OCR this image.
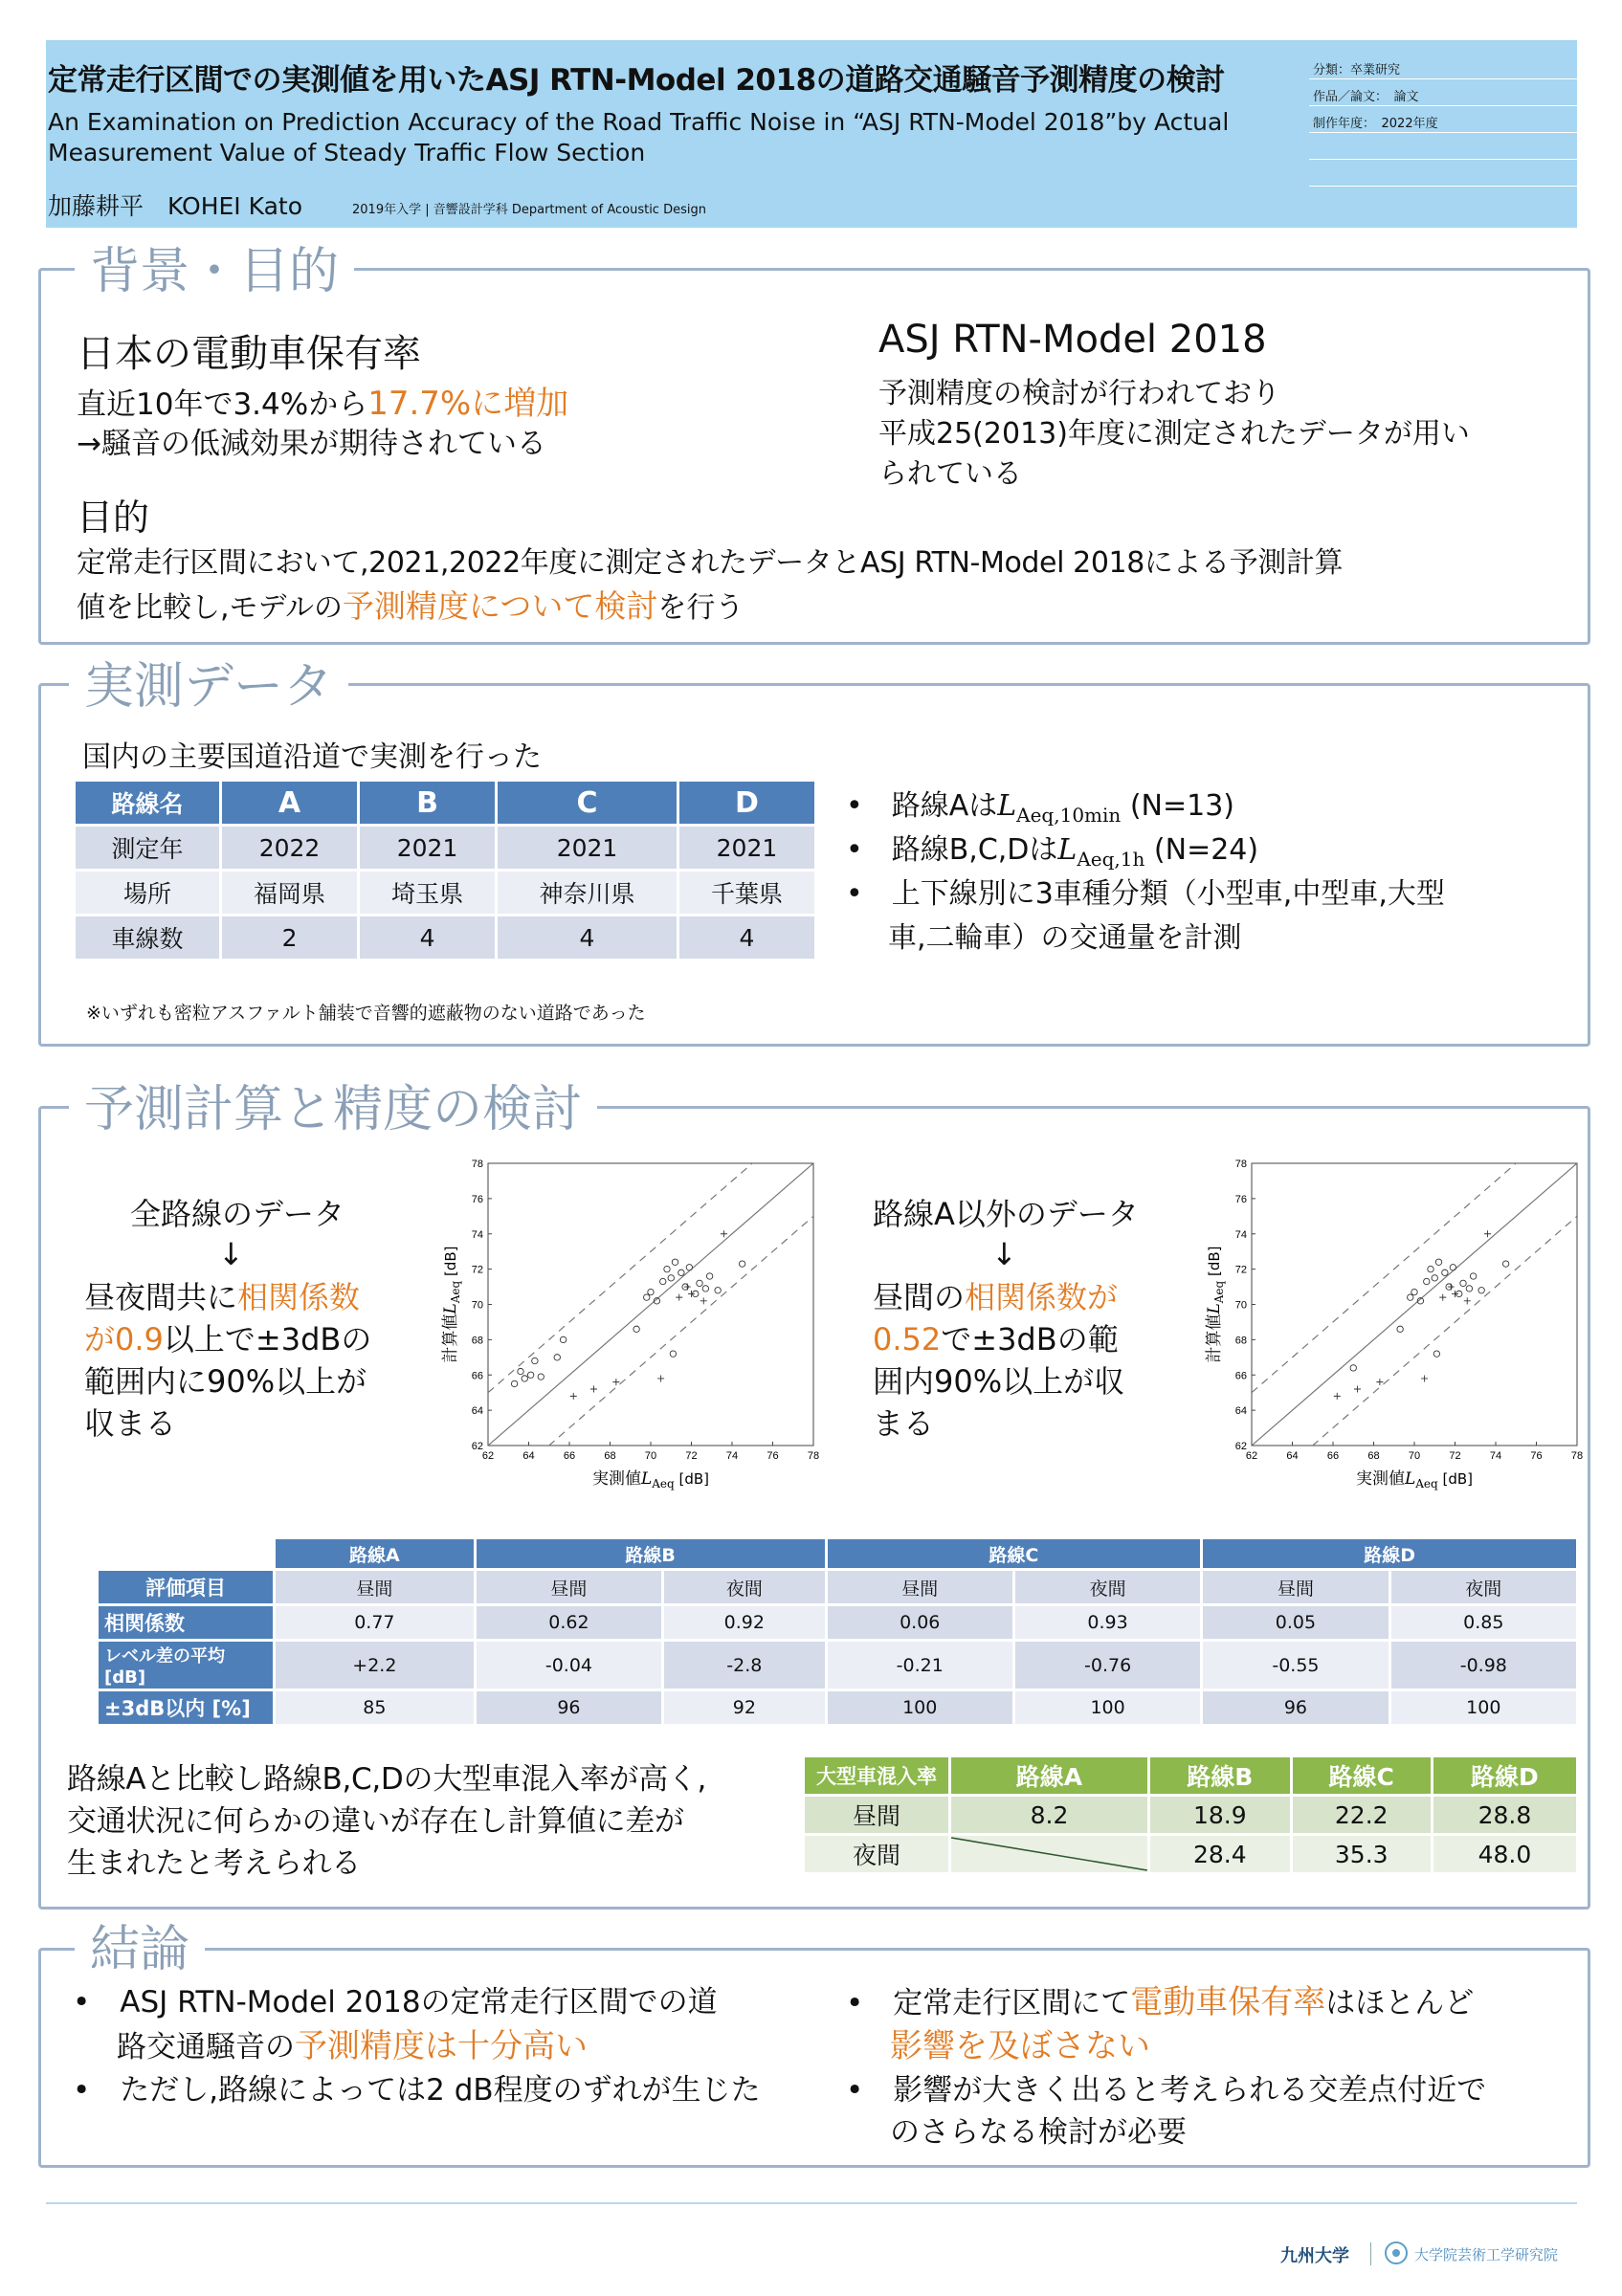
定常走行区間での実測値を用いたASJ RTN-Model 2018の道路交通騒音予測精度の検討
An Examination on Prediction Accuracy of the Road Traffic Noise in “ASJ RTN-Model 2018”by Actual Measurement Value of Steady Traffic Flow Section
加藤耕平　KOHEI Kato	2019年入学 | 音響設計学科 Department of Acoustic Design
分類：卒業研究
作品／論文：　論文
制作年度：　2022年度
背景・目的
日本の電動車保有率
直近10年で3.4%から17.7%に増加
→騒音の低減効果が期待されている
ASJ RTN-Model 2018
予測精度の検討が行われており
平成25(2013)年度に測定されたデータが用い
られている
目的
定常走行区間において,2021,2022年度に測定されたデータとASJ RTN-Model 2018による予測計算
値を比較し,モデルの予測精度について検討を行う
実測データ
国内の主要国道沿道で実測を行った
路線名	A	B	C	D
測定年	2022	2021	2021	2021
場所	福岡県	埼玉県	神奈川県	千葉県
車線数	2	4	4	4
※いずれも密粒アスファルト舗装で音響的遮蔽物のない道路であった
•　 路線Aは$L_{Aeq,10min}$ (N=13)
•　 路線B,C,Dは$L_{Aeq,1h}$ (N=24)
•　 上下線別に3車種分類（小型車,中型車,大型
車,二輪車）の交通量を計測
予測計算と精度の検討
全路線のデータ
↓
昼夜間共に相関係数
が0.9以上で±3dBの
範囲内に90%以上が
収まる
路線A以外のデータ
↓
昼間の相関係数が
0.52で±3dBの範
囲内90%以上が収
まる
62
62
64
64
66
66
68
68
70
70
72
72
74
74
76
76
78
78
実測値$L_{Aeq}$ [dB]
計算値$L_{Aeq}$ [dB]
62
62
64
64
66
66
68
68
70
70
72
72
74
74
76
76
78
78
実測値$L_{Aeq}$ [dB]
計算値$L_{Aeq}$ [dB]
	路線A	路線B		路線C		路線D	
評価項目	昼間	昼間	夜間	昼間	夜間	昼間	夜間
相関係数	0.77	0.62	0.92	0.06	0.93	0.05	0.85
レベル差の平均 [dB]	+2.2	-0.04	-2.8	-0.21	-0.76	-0.55	-0.98
±3dB以内 [%]	85	96	92	100	100	96	100
路線Aと比較し路線B,C,Dの大型車混入率が高く,
交通状況に何らかの違いが存在し計算値に差が
生まれたと考えられる
大型車混入率	路線A	路線B	路線C	路線D
昼間	8.2	18.9	22.2	28.8
夜間		28.4	35.3	48.0
結論
•　 ASJ RTN-Model 2018の定常走行区間での道
路交通騒音の予測精度は十分高い
•　 ただし,路線によっては2 dB程度のずれが生じた
•　 定常走行区間にて電動車保有率はほとんど
影響を及ぼさない
•　 影響が大きく出ると考えられる交差点付近で
のさらなる検討が必要
九州大学	大学院芸術工学研究院
